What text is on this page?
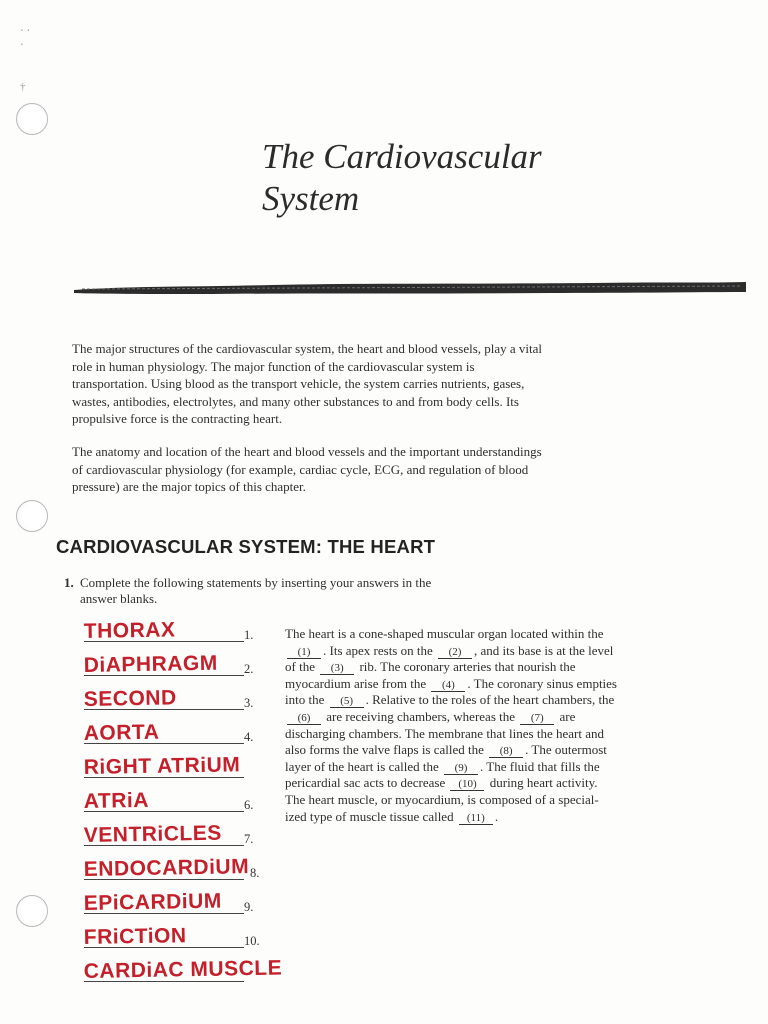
⋅ ⋅
⋅

†
The Cardiovascular
System

The major structures of the cardiovascular system, the heart and blood vessels, play a vital role in human physiology. The major function of the cardiovascular system is transportation. Using blood as the transport vehicle, the system carries nutrients, gases, wastes, antibodies, electrolytes, and many other substances to and from body cells. Its propulsive force is the contracting heart.

The anatomy and location of the heart and blood vessels and the important understandings of cardiovascular physiology (for example, cardiac cycle, ECG, and regulation of blood pressure) are the major topics of this chapter.

CARDIOVASCULAR SYSTEM: THE HEART

1. Complete the following statements by inserting your answers in the
answer blanks.

THORAX	1.
DiAPHRAGM 2.
SECOND	3.
AORTA	4.
RiGHT ATRiUM
ATRiA	6.
VENTRiCLES 7.
ENDOCARDiUM 8.
EPiCARDiUM 9.
FRiCTiON	10.
CARDiAC MUSCLE

The heart is a cone-shaped muscular organ located within the
(1) . Its apex rests on the (2) , and its base is at the level
of the (3) rib. The coronary arteries that nourish the
myocardium arise from the (4) . The coronary sinus empties
into the (5) . Relative to the roles of the heart chambers, the
(6) are receiving chambers, whereas the (7) are
discharging chambers. The membrane that lines the heart and
also forms the valve flaps is called the (8) . The outermost
layer of the heart is called the (9) . The fluid that fills the
pericardial sac acts to decrease (10) during heart activity.
The heart muscle, or myocardium, is composed of a special-
ized type of muscle tissue called (11) .
